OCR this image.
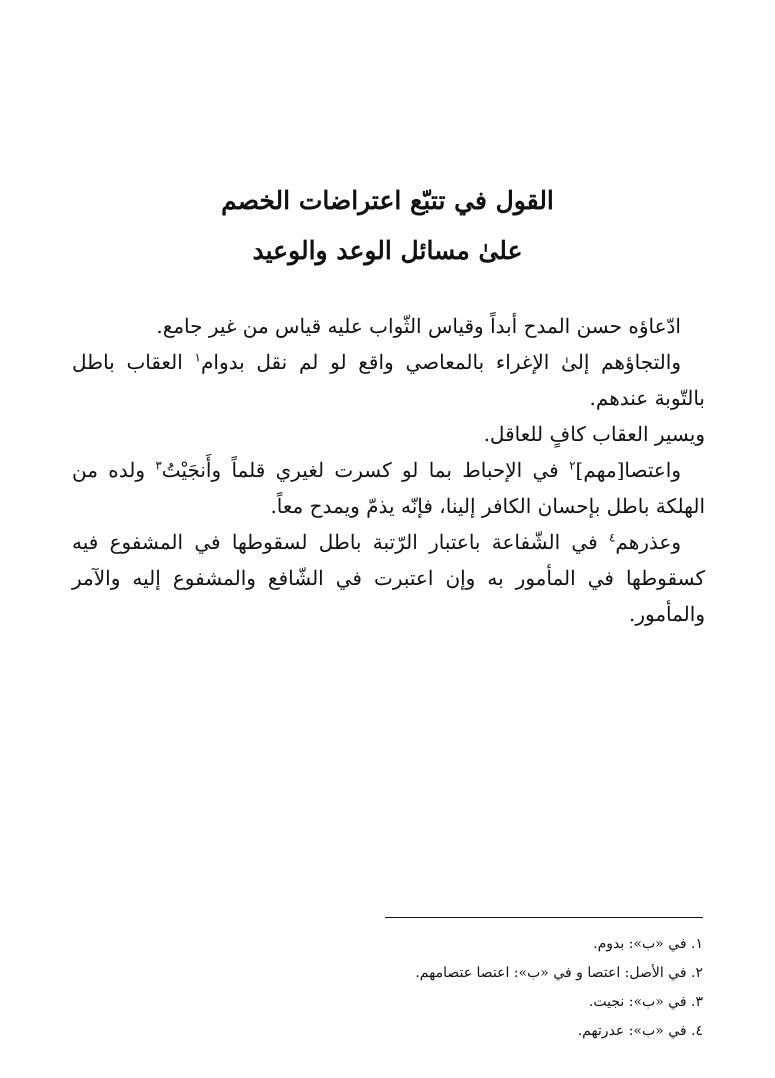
القول في تتبّع اعتراضات الخصم
علىٰ مسائل الوعد والوعيد

ادّعاؤه حسن المدح أبداً وقياس الثّواب عليه قياس من غير جامع.

والتجاؤهم إلىٰ الإغراء بالمعاصي واقع لو لم نقل بدوام$^١$ العقاب باطل بالتّوبة عندهم.

ويسير العقاب كافٍ للعاقل.

واعتصا[مهم]$^٢$ في الإحباط بما لو كسرت لغيري قلماً وأَنجَيْتُ$^٣$ ولده من الهلكة باطل بإحسان الكافر إلينا، فإنّه يذمّ ويمدح معاً.

وعذرهم$^٤$ في الشّفاعة باعتبار الرّتبة باطل لسقوطها في المشفوع فيه كسقوطها في المأمور به وإن اعتبرت في الشّافع والمشفوع إليه والآمر والمأمور.

١. في «ب»: بدوم.
٢. في الأصل: اعتصا و في «ب»: اعتصا عتصامهم.
٣. في «ب»: نجيت.
٤. في «ب»: عدرتهم.
